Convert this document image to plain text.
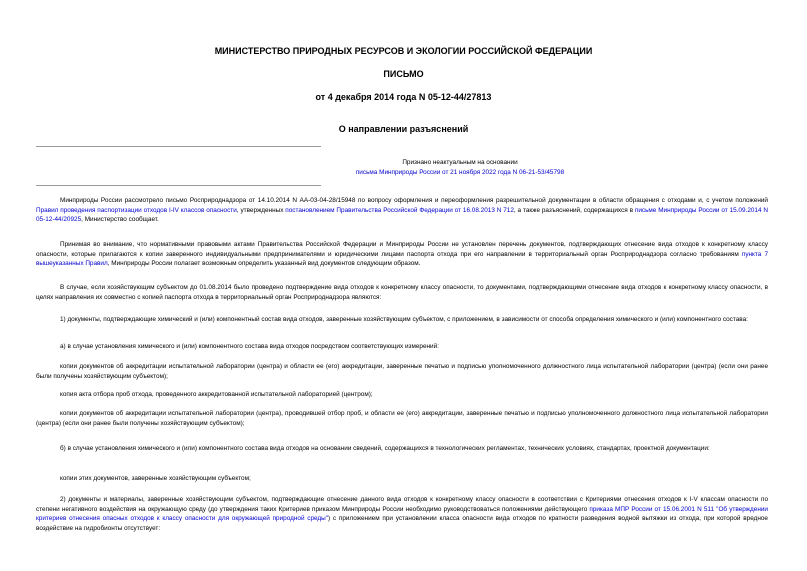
МИНИСТЕРСТВО ПРИРОДНЫХ РЕСУРСОВ И ЭКОЛОГИИ РОССИЙСКОЙ ФЕДЕРАЦИИ
ПИСЬМО
от 4 декабря 2014 года N 05-12-44/27813
О направлении разъяснений
Признано неактуальным на основании
письма Минприроды России от 21 ноября 2022 года N 06-21-53/45798

Минприроды России рассмотрело письмо Росприроднадзора от 14.10.2014 N АА-03-04-28/15948 по вопросу оформления и переоформления разрешительной документации в области обращения с отходами и, с учетом положений Правил проведения паспортизации отходов I-IV классов опасности, утвержденных постановлением Правительства Российской Федерации от 16.08.2013 N 712, а также разъяснений, содержащихся в письме Минприроды России от 15.09.2014 N 05-12-44/20925, Министерство сообщает.

Принимая во внимание, что нормативными правовыми актами Правительства Российской Федерации и Минприроды России не установлен перечень документов, подтверждающих отнесение вида отходов к конкретному классу опасности, которые прилагаются к копии заверенного индивидуальными предпринимателями и юридическими лицами паспорта отхода при его направлении в территориальный орган Росприроднадзора согласно требованиям пункта 7 вышеуказанных Правил, Минприроды России полагает возможным определить указанный вид документов следующим образом.

В случае, если хозяйствующим субъектом до 01.08.2014 было проведено подтверждение вида отходов к конкретному классу опасности, то документами, подтверждающими отнесение вида отходов к конкретному классу опасности, в целях направления их совместно с копией паспорта отхода в территориальный орган Росприроднадзора являются:

1) документы, подтверждающие химический и (или) компонентный состав вида отходов, заверенные хозяйствующим субъектом, с приложением, в зависимости от способа определения химического и (или) компонентного состава:

а) в случае установления химического и (или) компонентного состава вида отходов посредством соответствующих измерений:

копии документов об аккредитации испытательной лаборатории (центра) и области ее (его) аккредитации, заверенные печатью и подписью уполномоченного должностного лица испытательной лаборатории (центра) (если они ранее были получены хозяйствующим субъектом);

копия акта отбора проб отхода, проведенного аккредитованной испытательной лабораторией (центром);

копии документов об аккредитации испытательной лаборатории (центра), проводившей отбор проб, и области ее (его) аккредитации, заверенные печатью и подписью уполномоченного должностного лица испытательной лаборатории (центра) (если они ранее были получены хозяйствующим субъектом);

б) в случае установления химического и (или) компонентного состава вида отходов на основании сведений, содержащихся в технологических регламентах, технических условиях, стандартах, проектной документации:

копии этих документов, заверенные хозяйствующим субъектом;

2) документы и материалы, заверенные хозяйствующим субъектом, подтверждающие отнесение данного вида отходов к конкретному классу опасности в соответствии с Критериями отнесения отходов к I-V классам опасности по степени негативного воздействия на окружающую среду (до утверждения таких Критериев приказом Минприроды России необходимо руководствоваться положениями действующего приказа МПР России от 15.06.2001 N 511 "Об утверждении критериев отнесения опасных отходов к классу опасности для окружающей природной среды") с приложением при установлении класса опасности вида отходов по кратности разведения водной вытяжки из отхода, при которой вредное воздействие на гидробионты отсутствует:
